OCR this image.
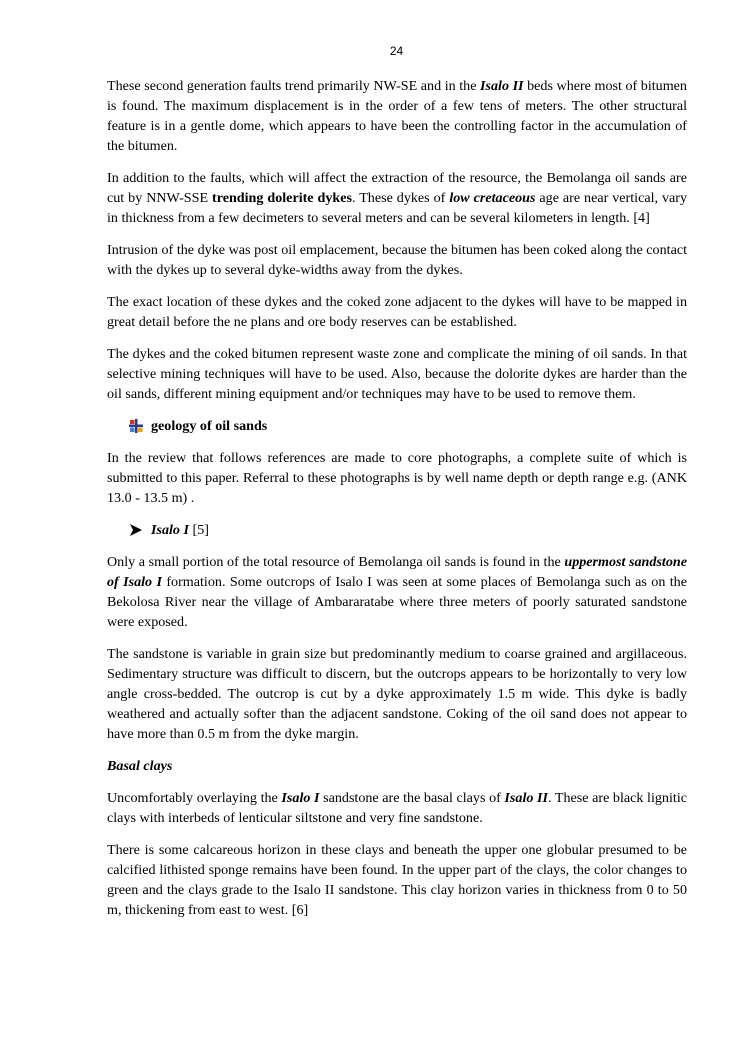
24

These second generation faults trend primarily NW-SE and in the Isalo II beds where most of bitumen is found. The maximum displacement is in the order of a few tens of meters. The other structural feature is in a gentle dome, which appears to have been the controlling factor in the accumulation of the bitumen.

In addition to the faults, which will affect the extraction of the resource, the Bemolanga oil sands are cut by NNW-SSE trending dolerite dykes. These dykes of low cretaceous age are near vertical, vary in thickness from a few decimeters to several meters and can be several kilometers in length. [4]

Intrusion of the dyke was post oil emplacement, because the bitumen has been coked along the contact with the dykes up to several dyke-widths away from the dykes.

The exact location of these dykes and the coked zone adjacent to the dykes will have to be mapped in great detail before the ne plans and ore body reserves can be established.

The dykes and the coked bitumen represent waste zone and complicate the mining of oil sands. In that selective mining techniques will have to be used. Also, because the dolorite dykes are harder than the oil sands, different mining equipment and/or techniques may have to be used to remove them.

geology of oil sands

In the review that follows references are made to core photographs, a complete suite of which is submitted to this paper. Referral to these photographs is by well name depth or depth range e.g. (ANK 13.0 - 13.5 m) .

Isalo I [5]

Only a small portion of the total resource of Bemolanga oil sands is found in the uppermost sandstone of Isalo I formation. Some outcrops of Isalo I was seen at some places of Bemolanga such as on the Bekolosa River near the village of Ambararatabe where three meters of poorly saturated sandstone were exposed.

The sandstone is variable in grain size but predominantly medium to coarse grained and argillaceous. Sedimentary structure was difficult to discern, but the outcrops appears to be horizontally to very low angle cross-bedded. The outcrop is cut by a dyke approximately 1.5 m wide. This dyke is badly weathered and actually softer than the adjacent sandstone. Coking of the oil sand does not appear to have more than 0.5 m from the dyke margin.

Basal clays

Uncomfortably overlaying the Isalo I sandstone are the basal clays of Isalo II. These are black lignitic clays with interbeds of lenticular siltstone and very fine sandstone.

There is some calcareous horizon in these clays and beneath the upper one globular presumed to be calcified lithisted sponge remains have been found. In the upper part of the clays, the color changes to green and the clays grade to the Isalo II sandstone. This clay horizon varies in thickness from 0 to 50 m, thickening from east to west. [6]
